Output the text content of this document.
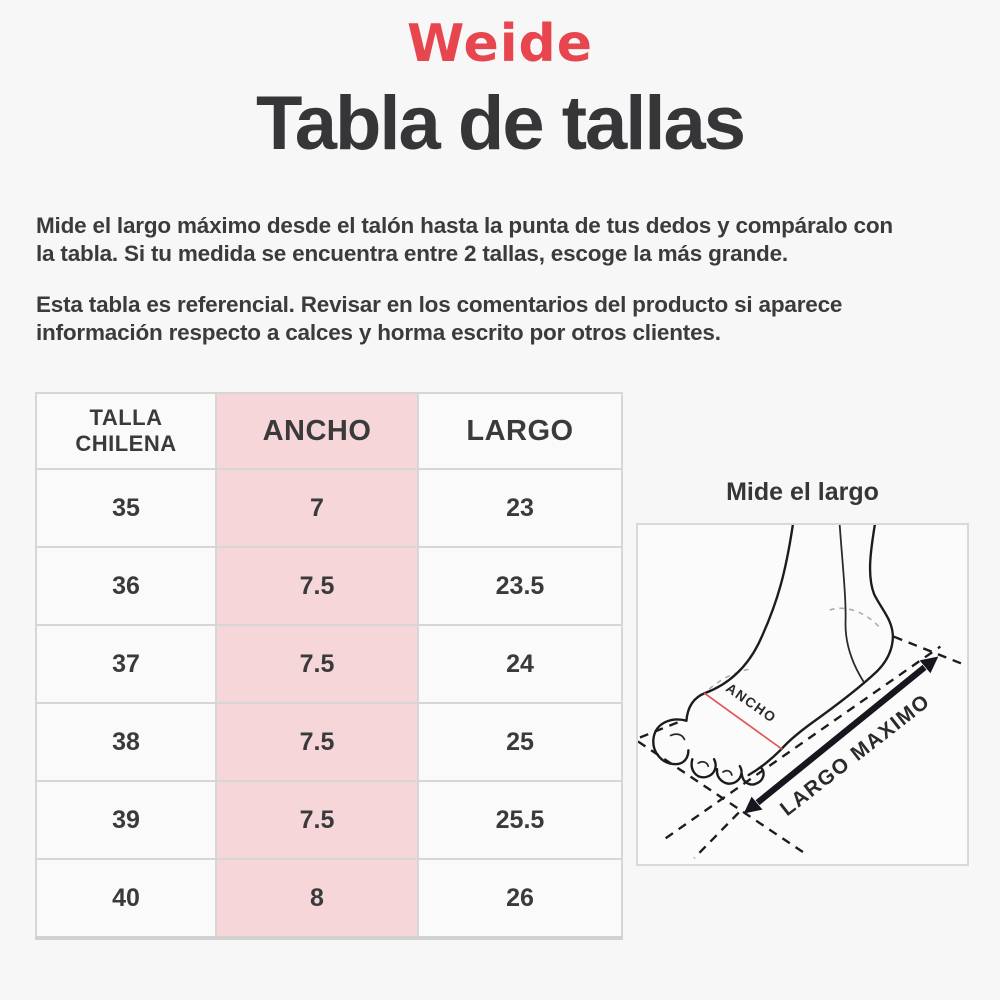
Weide
Tabla de tallas

Mide el largo máximo desde el talón hasta la punta de tus dedos y compáralo con
la tabla. Si tu medida se encuentra entre 2 tallas, escoge la más grande.

Esta tabla es referencial. Revisar en los comentarios del producto si aparece
información respecto a calces y horma escrito por otros clientes.

TALLA CHILENA	ANCHO	LARGO
35	7	23
36	7.5	23.5
37	7.5	24
38	7.5	25
39	7.5	25.5
40	8	26
Mide el largo
ANCHO
LARGO MAXIMO
